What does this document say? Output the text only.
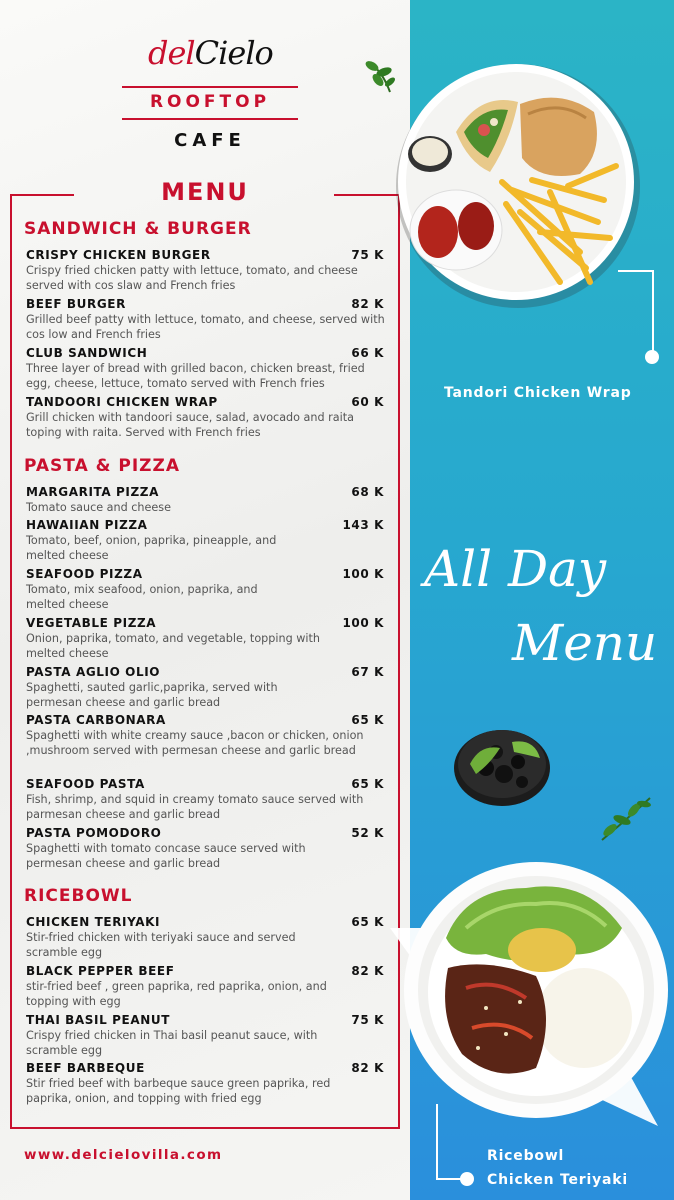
delCielo
ROOFTOP
CAFE
MENU
SANDWICH & BURGER
CRISPY CHICKEN BURGER	75 K
Crispy fried chicken patty with lettuce, tomato, and cheese served with cos slaw and French fries
BEEF BURGER	82 K
Grilled beef patty with lettuce, tomato, and cheese, served with cos low and French fries
CLUB SANDWICH	66 K
Three layer of bread with grilled bacon, chicken breast, fried egg, cheese, lettuce, tomato served with French fries
TANDOORI CHICKEN WRAP	60 K
Grill chicken with tandoori sauce, salad, avocado and raita toping with raita. Served with French fries
PASTA & PIZZA
MARGARITA PIZZA	68 K
Tomato sauce and cheese
HAWAIIAN PIZZA	143 K
Tomato, beef, onion, paprika, pineapple, and melted cheese
SEAFOOD PIZZA	100 K
Tomato, mix seafood, onion, paprika, and melted cheese
VEGETABLE PIZZA	100 K
Onion, paprika, tomato, and vegetable, topping with melted cheese
PASTA AGLIO OLIO	67 K
Spaghetti, sauted garlic,paprika, served with permesan cheese and garlic bread
PASTA CARBONARA	65 K
Spaghetti with white creamy sauce ,bacon or chicken, onion ,mushroom served with permesan cheese and garlic bread
SEAFOOD PASTA	65 K
Fish, shrimp, and squid in creamy tomato sauce served with parmesan cheese and garlic bread
PASTA POMODORO	52 K
Spaghetti with tomato concase sauce served with permesan cheese and garlic bread
RICEBOWL
CHICKEN TERIYAKI	65 K
Stir-fried chicken with teriyaki sauce and served scramble egg
BLACK PEPPER BEEF	82 K
stir-fried beef , green paprika, red paprika, onion, and topping with egg
THAI BASIL PEANUT	75 K
Crispy fried chicken in Thai basil peanut sauce, with scramble egg
BEEF BARBEQUE	82 K
Stir fried beef with barbeque sauce green paprika, red paprika, onion, and topping with fried egg
www.delcielovilla.com
Tandori Chicken Wrap
All Day
Menu
Ricebowl
Chicken Teriyaki
